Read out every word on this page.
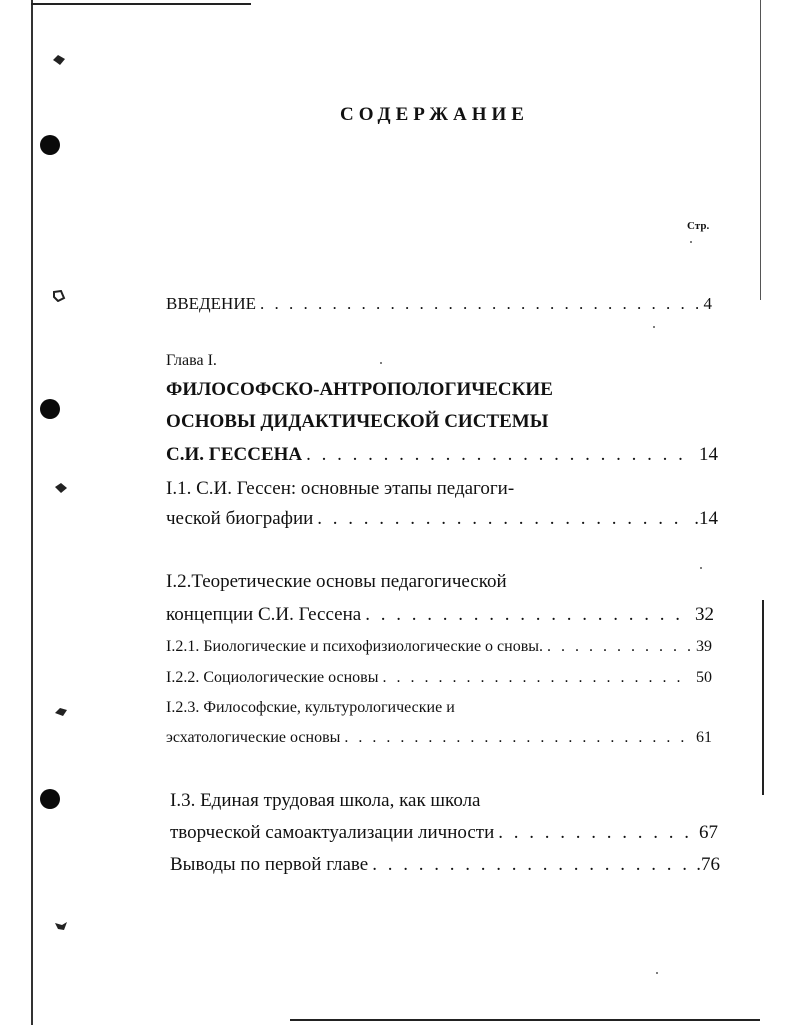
СОДЕРЖАНИЕ
Стр.
ВВЕДЕНИЕ . . .	4
Глава I.
ФИЛОСОФСКО-АНТРОПОЛОГИЧЕСКИЕ
ОСНОВЫ ДИДАКТИЧЕСКОЙ СИСТЕМЫ
С.И. ГЕССЕНА . . .	14
I.1. С.И. Гессен: основные этапы педагоги-
ческой биографии . . .	.14
I.2.Теоретические основы педагогической
концепции С.И. Гессена . . .	32
I.2.1. Биологические и психофизиологические о сновы. . . .	39
I.2.2. Социологические основы . . .	50
I.2.3. Философские, культурологические и
эсхатологические основы . . .	61
I.3. Единая трудовая школа, как школа
творческой самоактуализации личности . . .	67
Выводы по первой главе . . .	.76
